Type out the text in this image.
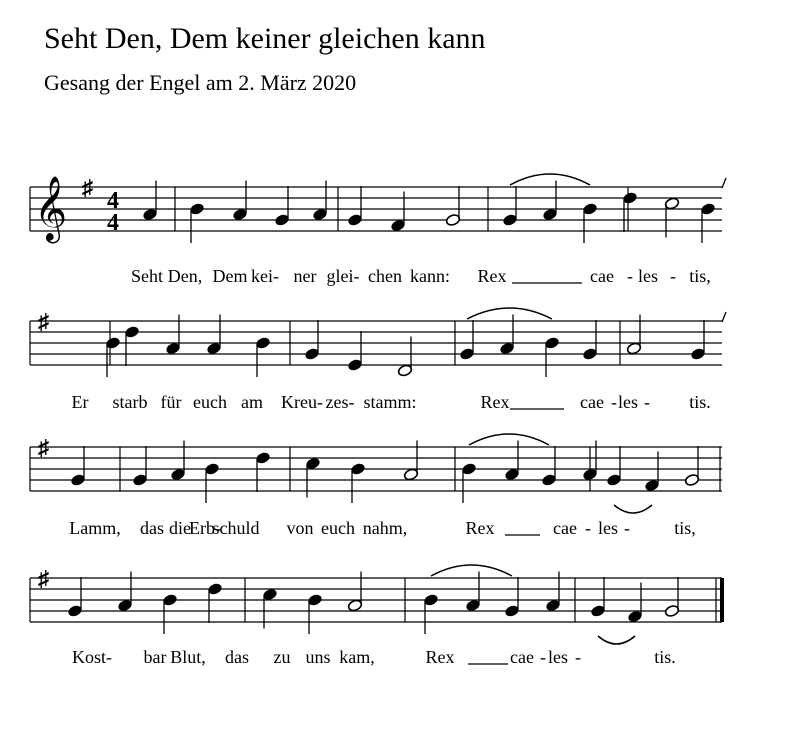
Seht Den, Dem keiner gleichen kann
Gesang der Engel am 2. März 2020
𝄞 ♯
4
4
Seht Den, Dem kei- ner glei- chen kann: Rex	cae - les - tis,
♯
Er starb für euch am Kreu- zes- stamm:	Rex	cae - les - tis.
♯
Lamm, das die
Erb-
schuld von euch nahm,	Rex	cae - les - tis,
♯
Kost- bar Blut, das zu uns kam,	Rex	cae - les -	tis.
